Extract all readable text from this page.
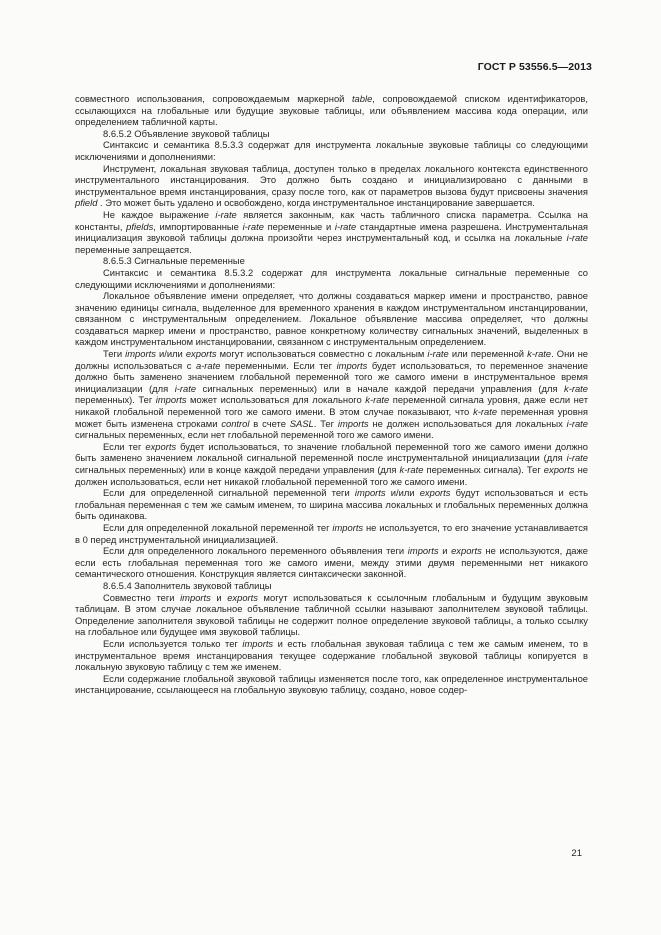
ГОСТ Р 53556.5—2013

совместного использования, сопровождаемым маркерной table, сопровождаемой списком идентификаторов, ссылающихся на глобальные или будущие звуковые таблицы, или объявлением массива кода операции, или определением табличной карты.

8.6.5.2 Объявление звуковой таблицы

Синтаксис и семантика 8.5.3.3 содержат для инструмента локальные звуковые таблицы со следующими исключениями и дополнениями:

Инструмент, локальная звуковая таблица, доступен только в пределах локального контекста единственного инструментального инстанцирования. Это должно быть создано и инициализировано с данными в инструментальное время инстанцирования, сразу после того, как от параметров вызова будут присвоены значения pfield . Это может быть удалено и освобождено, когда инструментальное инстанцирование завершается.

Не каждое выражение i-rate является законным, как часть табличного списка параметра. Ссылка на константы, pfields, импортированные i-rate переменные и i-rate стандартные имена разрешена. Инструментальная инициализация звуковой таблицы должна произойти через инструментальный код, и ссылка на локальные i-rate переменные запрещается.

8.6.5.3 Сигнальные переменные

Синтаксис и семантика 8.5.3.2 содержат для инструмента локальные сигнальные переменные со следующими исключениями и дополнениями:

Локальное объявление имени определяет, что должны создаваться маркер имени и пространство, равное значению единицы сигнала, выделенное для временного хранения в каждом инструментальном инстанцировании, связанном с инструментальным определением. Локальное объявление массива определяет, что должны создаваться маркер имени и пространство, равное конкретному количеству сигнальных значений, выделенных в каждом инструментальном инстанцировании, связанном с инструментальным определением.

Теги imports и/или exports могут использоваться совместно с локальным i-rate или переменной k-rate. Они не должны использоваться с a-rate переменными. Если тег imports будет использоваться, то переменное значение должно быть заменено значением глобальной переменной того же самого имени в инструментальное время инициализации (для i-rate сигнальных переменных) или в начале каждой передачи управления (для k-rate переменных). Тег imports может использоваться для локального k-rate переменной сигнала уровня, даже если нет никакой глобальной переменной того же самого имени. В этом случае показывают, что k-rate переменная уровня может быть изменена строками control в счете SASL. Тег imports не должен использоваться для локальных i-rate сигнальных переменных, если нет глобальной переменной того же самого имени.

Если тег exports будет использоваться, то значение глобальной переменной того же самого имени должно быть заменено значением локальной сигнальной переменной после инструментальной инициализации (для i-rate сигнальных переменных) или в конце каждой передачи управления (для k-rate переменных сигнала). Тег exports не должен использоваться, если нет никакой глобальной переменной того же самого имени.

Если для определенной сигнальной переменной теги imports и/или exports будут использоваться и есть глобальная переменная с тем же самым именем, то ширина массива локальных и глобальных переменных должна быть одинакова.

Если для определенной локальной переменной тег imports не используется, то его значение устанавливается в 0 перед инструментальной инициализацией.

Если для определенного локального переменного объявления теги imports и exports не используются, даже если есть глобальная переменная того же самого имени, между этими двумя переменными нет никакого семантического отношения. Конструкция является синтаксически законной.

8.6.5.4 Заполнитель звуковой таблицы

Совместно теги imports и exports могут использоваться к ссылочным глобальным и будущим звуковым таблицам. В этом случае локальное объявление табличной ссылки называют заполнителем звуковой таблицы. Определение заполнителя звуковой таблицы не содержит полное определение звуковой таблицы, а только ссылку на глобальное или будущее имя звуковой таблицы.

Если используется только тег imports и есть глобальная звуковая таблица с тем же самым именем, то в инструментальное время инстанцирования текущее содержание глобальной звуковой таблицы копируется в локальную звуковую таблицу с тем же именем.

Если содержание глобальной звуковой таблицы изменяется после того, как определенное инструментальное инстанцирование, ссылающееся на глобальную звуковую таблицу, создано, новое содер-

21
